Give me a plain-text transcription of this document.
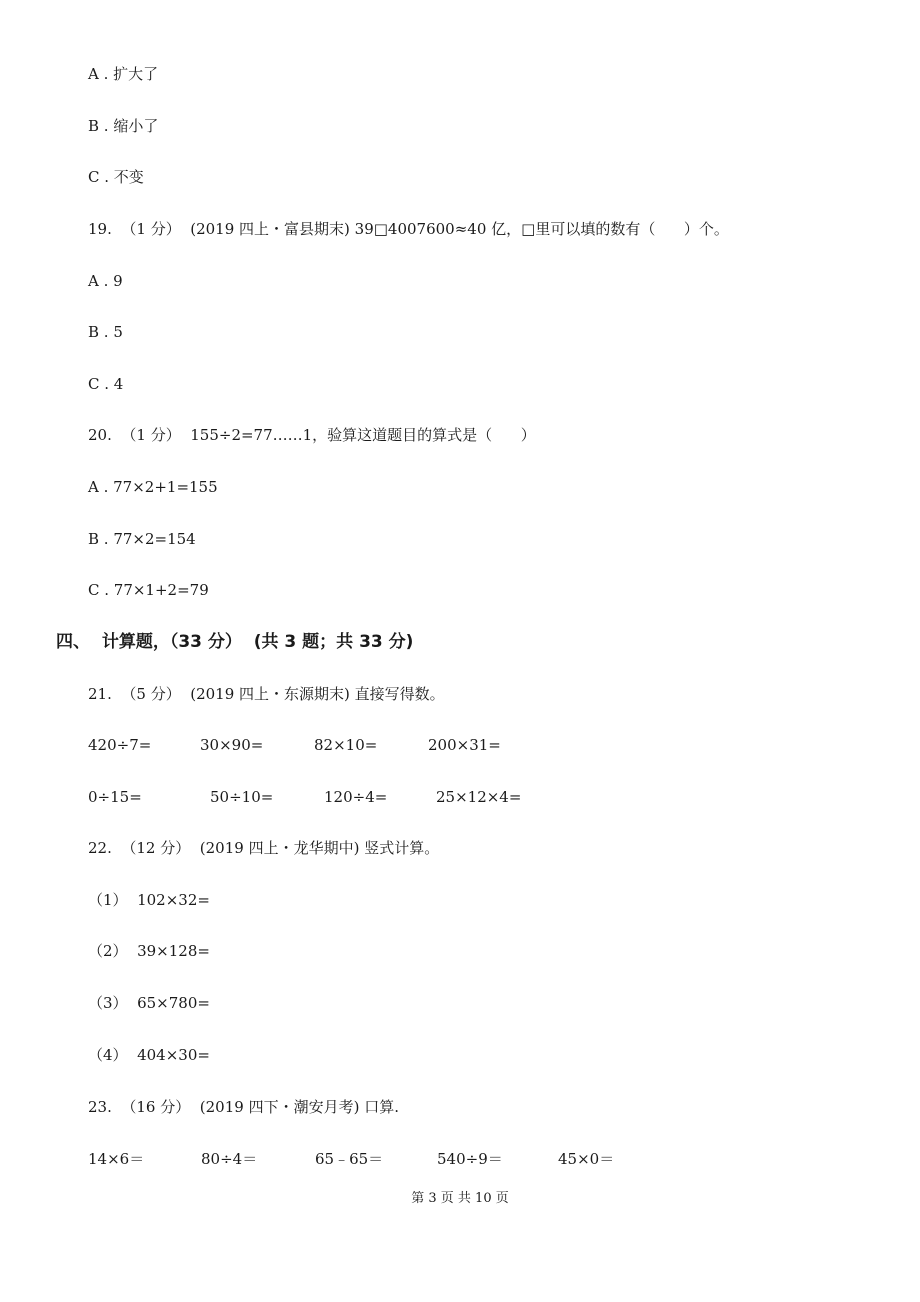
A . 扩大了
B . 缩小了
C . 不变
19.  （1 分）  (2019 四上・富县期末) 39□4007600≈40 亿，□里可以填的数有（      ）个。
A . 9
B . 5
C . 4
20.  （1 分）  155÷2=77……1，验算这道题目的算式是（      ）
A . 77×2+1=155
B . 77×2=154
C . 77×1+2=79
四、  计算题，（33 分）  (共 3 题；共 33 分)
21.  （5 分）  (2019 四上・东源期末) 直接写得数。
420÷7=	30×90=	82×10=	200×31=
0÷15=	50÷10=	120÷4=	25×12×4=
22.  （12 分）  (2019 四上・龙华期中) 竖式计算。
（1）  102×32=
（2）  39×128=
（3）  65×780=
（4）  404×30=
23.  （16 分）  (2019 四下・潮安月考) 口算.
14×6＝	80÷4＝	65﹣65＝	540÷9＝	45×0＝
第 3 页 共 10 页
